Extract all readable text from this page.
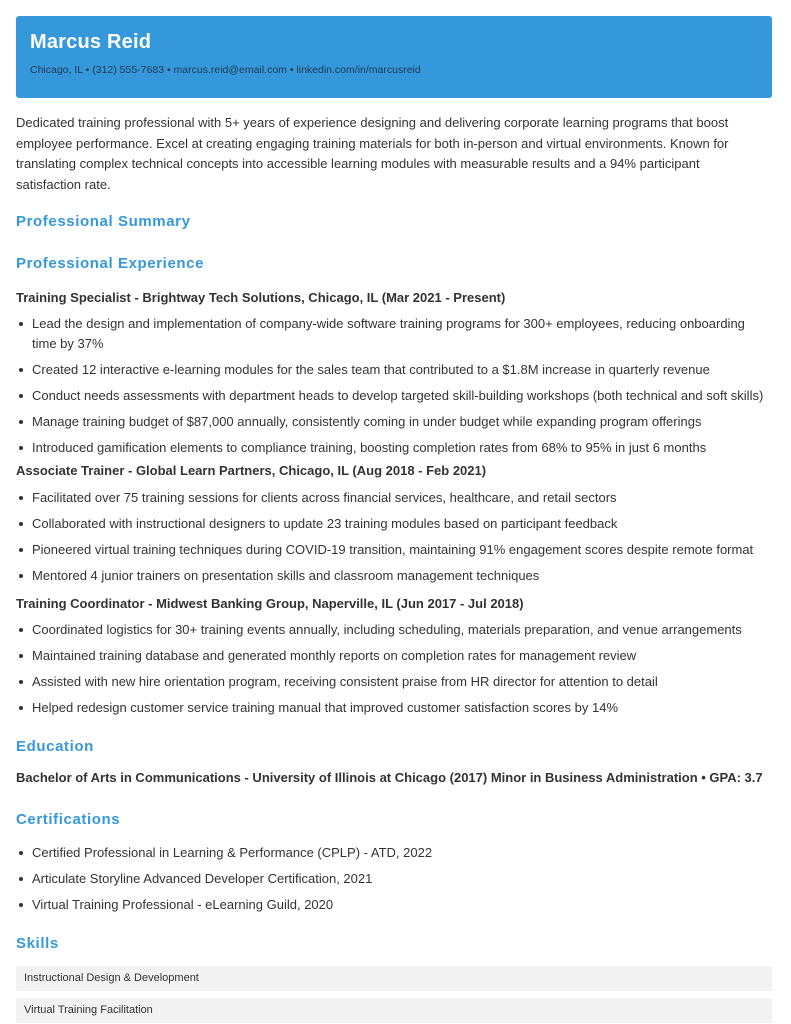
Marcus Reid
Chicago, IL • (312) 555-7683 • marcus.reid@email.com • linkedin.com/in/marcusreid

Dedicated training professional with 5+ years of experience designing and delivering corporate learning programs that boost employee performance. Excel at creating engaging training materials for both in-person and virtual environments. Known for translating complex technical concepts into accessible learning modules with measurable results and a 94% participant satisfaction rate.

Professional Summary
Professional Experience
Training Specialist - Brightway Tech Solutions, Chicago, IL (Mar 2021 - Present)
Lead the design and implementation of company-wide software training programs for 300+ employees, reducing onboarding time by 37%
Created 12 interactive e-learning modules for the sales team that contributed to a $1.8M increase in quarterly revenue
Conduct needs assessments with department heads to develop targeted skill-building workshops (both technical and soft skills)
Manage training budget of $87,000 annually, consistently coming in under budget while expanding program offerings
Introduced gamification elements to compliance training, boosting completion rates from 68% to 95% in just 6 months
Associate Trainer - Global Learn Partners, Chicago, IL (Aug 2018 - Feb 2021)
Facilitated over 75 training sessions for clients across financial services, healthcare, and retail sectors
Collaborated with instructional designers to update 23 training modules based on participant feedback
Pioneered virtual training techniques during COVID-19 transition, maintaining 91% engagement scores despite remote format
Mentored 4 junior trainers on presentation skills and classroom management techniques
Training Coordinator - Midwest Banking Group, Naperville, IL (Jun 2017 - Jul 2018)
Coordinated logistics for 30+ training events annually, including scheduling, materials preparation, and venue arrangements
Maintained training database and generated monthly reports on completion rates for management review
Assisted with new hire orientation program, receiving consistent praise from HR director for attention to detail
Helped redesign customer service training manual that improved customer satisfaction scores by 14%
Education
Bachelor of Arts in Communications - University of Illinois at Chicago (2017) Minor in Business Administration • GPA: 3.7
Certifications
Certified Professional in Learning & Performance (CPLP) - ATD, 2022
Articulate Storyline Advanced Developer Certification, 2021
Virtual Training Professional - eLearning Guild, 2020
Skills
Instructional Design & Development
Virtual Training Facilitation
